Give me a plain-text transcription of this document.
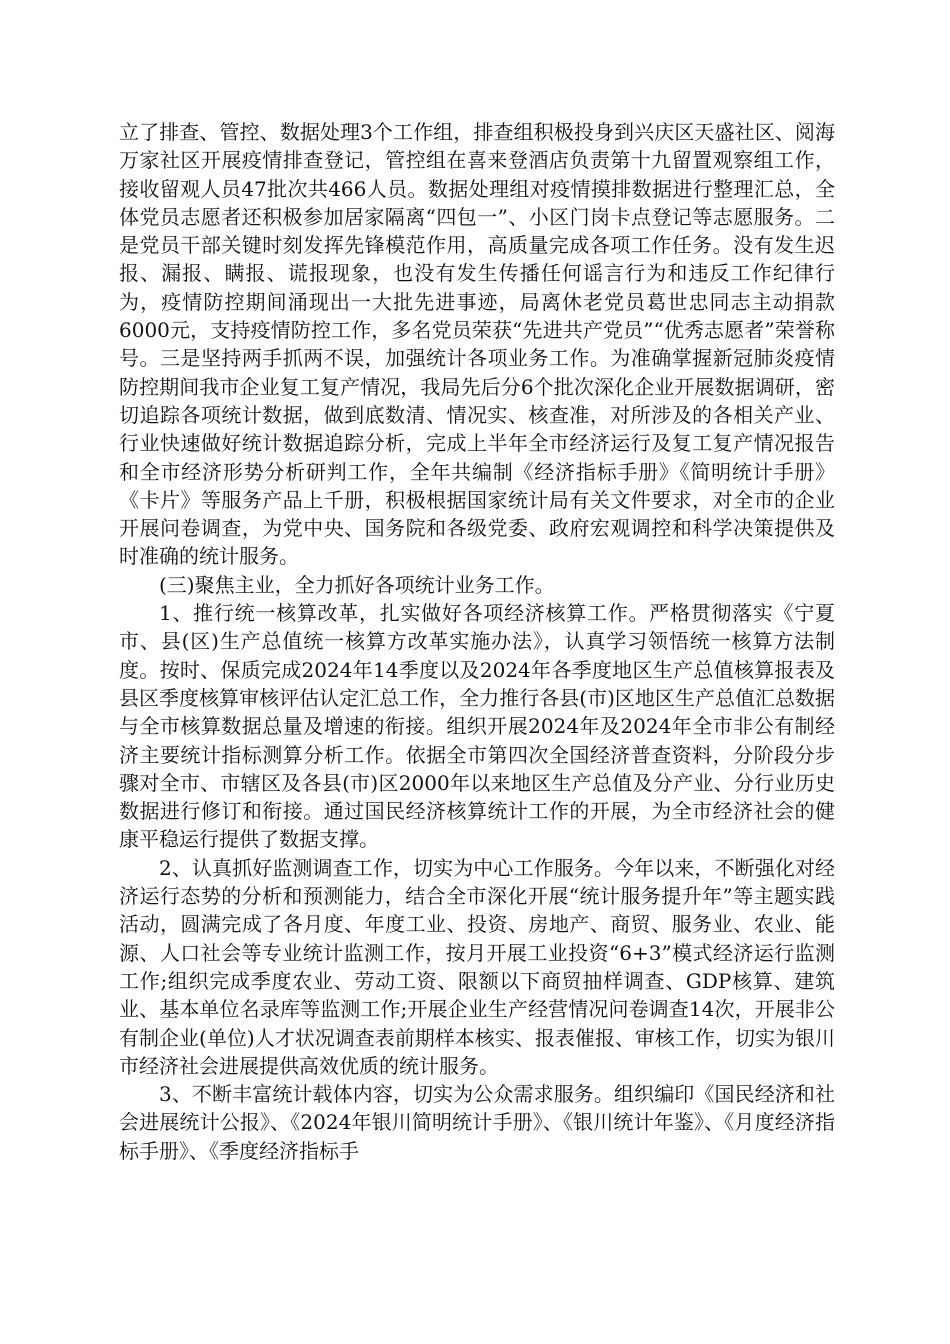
立了排查、管控、数据处理3个工作组，排查组积极投身到兴庆区天盛社区、阅海万家社区开展疫情排查登记，管控组在喜来登酒店负责第十九留置观察组工作，接收留观人员47批次共466人员。数据处理组对疫情摸排数据进行整理汇总，全体党员志愿者还积极参加居家隔离“四包一”、小区门岗卡点登记等志愿服务。二是党员干部关键时刻发挥先锋模范作用，高质量完成各项工作任务。没有发生迟报、漏报、瞒报、谎报现象，也没有发生传播任何谣言行为和违反工作纪律行为，疫情防控期间涌现出一大批先进事迹，局离休老党员葛世忠同志主动捐款6000元，支持疫情防控工作，多名党员荣获“先进共产党员”“优秀志愿者”荣誉称号。三是坚持两手抓两不误，加强统计各项业务工作。为准确掌握新冠肺炎疫情防控期间我市企业复工复产情况，我局先后分6个批次深化企业开展数据调研，密切追踪各项统计数据，做到底数清、情况实、核查准，对所涉及的各相关产业、行业快速做好统计数据追踪分析，完成上半年全市经济运行及复工复产情况报告和全市经济形势分析研判工作，全年共编制《经济指标手册》《简明统计手册》《卡片》等服务产品上千册，积极根据国家统计局有关文件要求，对全市的企业开展问卷调查，为党中央、国务院和各级党委、政府宏观调控和科学决策提供及时准确的统计服务。

(三)聚焦主业，全力抓好各项统计业务工作。

1、推行统一核算改革，扎实做好各项经济核算工作。严格贯彻落实《宁夏市、县(区)生产总值统一核算方改革实施办法》，认真学习领悟统一核算方法制度。按时、保质完成2024年14季度以及2024年各季度地区生产总值核算报表及县区季度核算审核评估认定汇总工作，全力推行各县(市)区地区生产总值汇总数据与全市核算数据总量及增速的衔接。组织开展2024年及2024年全市非公有制经济主要统计指标测算分析工作。依据全市第四次全国经济普查资料，分阶段分步骤对全市、市辖区及各县(市)区2000年以来地区生产总值及分产业、分行业历史数据进行修订和衔接。通过国民经济核算统计工作的开展，为全市经济社会的健康平稳运行提供了数据支撑。

2、认真抓好监测调查工作，切实为中心工作服务。今年以来，不断强化对经济运行态势的分析和预测能力，结合全市深化开展“统计服务提升年”等主题实践活动，圆满完成了各月度、年度工业、投资、房地产、商贸、服务业、农业、能源、人口社会等专业统计监测工作，按月开展工业投资“6+3”模式经济运行监测工作;组织完成季度农业、劳动工资、限额以下商贸抽样调查、GDP核算、建筑业、基本单位名录库等监测工作;开展企业生产经营情况问卷调查14次，开展非公有制企业(单位)人才状况调查表前期样本核实、报表催报、审核工作，切实为银川市经济社会进展提供高效优质的统计服务。

3、不断丰富统计载体内容，切实为公众需求服务。组织编印《国民经济和社会进展统计公报》、《2024年银川简明统计手册》、《银川统计年鉴》、《月度经济指标手册》、《季度经济指标手
